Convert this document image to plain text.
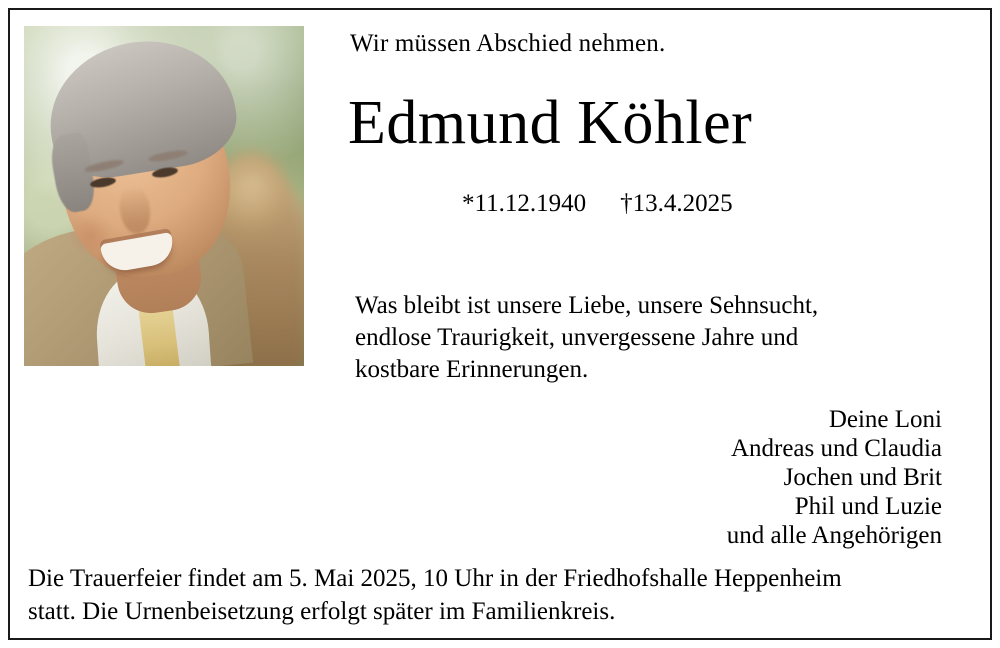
Wir müssen Abschied nehmen.
Edmund Köhler
*11.12.1940 †13.4.2025
Was bleibt ist unsere Liebe, unsere Sehnsucht,
endlose Traurigkeit, unvergessene Jahre und
kostbare Erinnerungen.
Deine Loni
Andreas und Claudia
Jochen und Brit
Phil und Luzie
und alle Angehörigen
Die Trauerfeier findet am 5. Mai 2025, 10 Uhr in der Friedhofshalle Heppenheim
statt. Die Urnenbeisetzung erfolgt später im Familienkreis.
